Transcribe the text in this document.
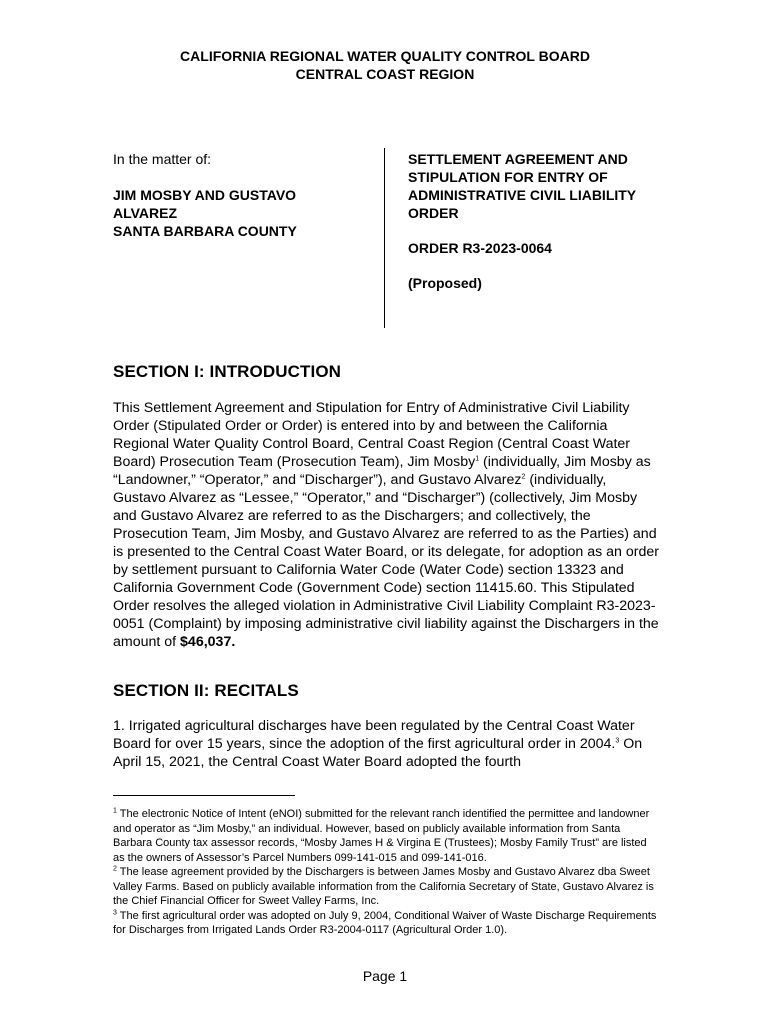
CALIFORNIA REGIONAL WATER QUALITY CONTROL BOARD
CENTRAL COAST REGION
In the matter of:
JIM MOSBY AND GUSTAVO
ALVAREZ
SANTA BARBARA COUNTY
SETTLEMENT AGREEMENT AND
STIPULATION FOR ENTRY OF
ADMINISTRATIVE CIVIL LIABILITY
ORDER
ORDER R3-2023-0064
(Proposed)
SECTION I: INTRODUCTION
This Settlement Agreement and Stipulation for Entry of Administrative Civil Liability Order (Stipulated Order or Order) is entered into by and between the California Regional Water Quality Control Board, Central Coast Region (Central Coast Water Board) Prosecution Team (Prosecution Team), Jim Mosby$^1$ (individually, Jim Mosby as “Landowner,” “Operator,” and “Discharger”), and Gustavo Alvarez$^2$ (individually, Gustavo Alvarez as “Lessee,” “Operator,” and “Discharger”) (collectively, Jim Mosby and Gustavo Alvarez are referred to as the Dischargers; and collectively, the Prosecution Team, Jim Mosby, and Gustavo Alvarez are referred to as the Parties) and is presented to the Central Coast Water Board, or its delegate, for adoption as an order by settlement pursuant to California Water Code (Water Code) section 13323 and California Government Code (Government Code) section 11415.60. This Stipulated Order resolves the alleged violation in Administrative Civil Liability Complaint R3-2023-0051 (Complaint) by imposing administrative civil liability against the Dischargers in the amount of $46,037.
SECTION II: RECITALS
1. Irrigated agricultural discharges have been regulated by the Central Coast Water Board for over 15 years, since the adoption of the first agricultural order in 2004.$^3$ On April 15, 2021, the Central Coast Water Board adopted the fourth
$^1$ The electronic Notice of Intent (eNOI) submitted for the relevant ranch identified the permittee and landowner and operator as “Jim Mosby,” an individual. However, based on publicly available information from Santa Barbara County tax assessor records, “Mosby James H & Virgina E (Trustees); Mosby Family Trust” are listed as the owners of Assessor’s Parcel Numbers 099-141-015 and 099-141-016.
$^2$ The lease agreement provided by the Dischargers is between James Mosby and Gustavo Alvarez dba Sweet Valley Farms. Based on publicly available information from the California Secretary of State, Gustavo Alvarez is the Chief Financial Officer for Sweet Valley Farms, Inc.
$^3$ The first agricultural order was adopted on July 9, 2004, Conditional Waiver of Waste Discharge Requirements for Discharges from Irrigated Lands Order R3-2004-0117 (Agricultural Order 1.0).
Page 1
